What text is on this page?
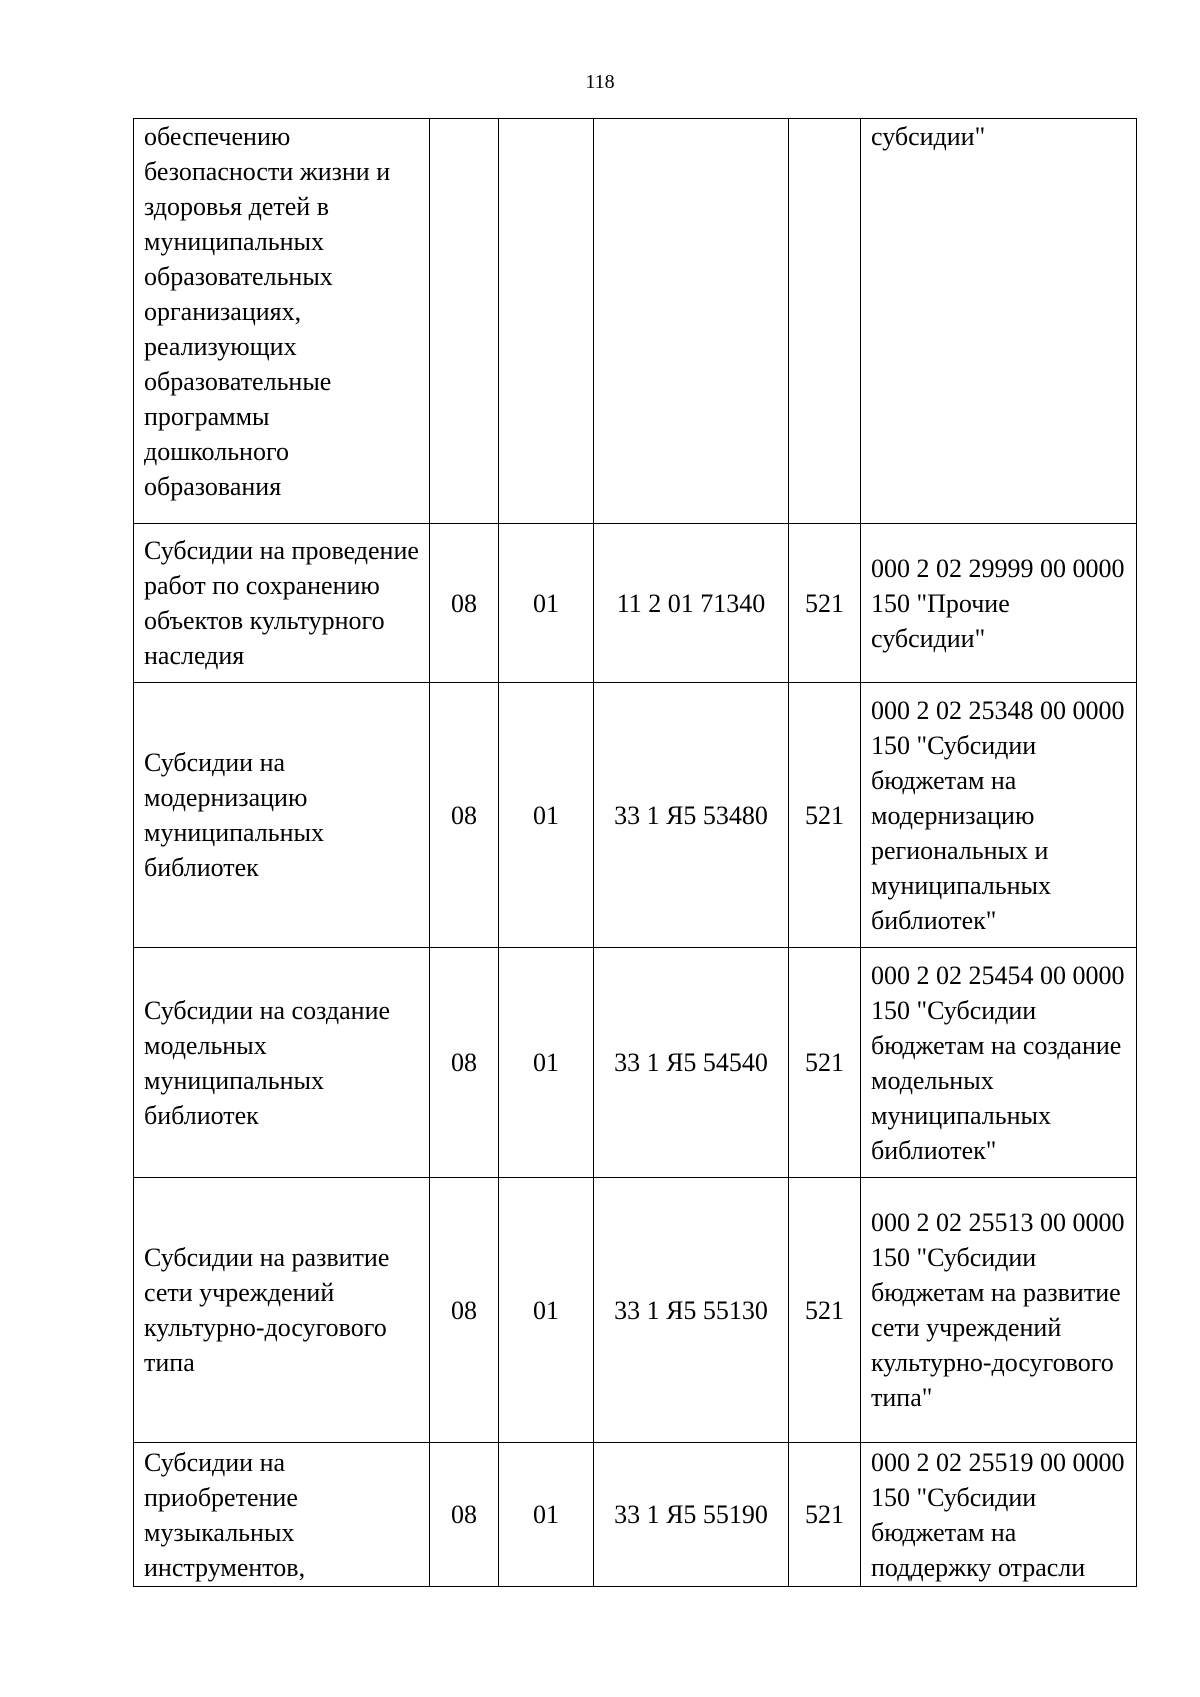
118
обеспечению безопасности жизни и здоровья детей в муниципальных образовательных организациях, реализующих образовательные программы дошкольного образования					субсидии"
Субсидии на проведение работ по сохранению объектов культурного наследия	08	01	11 2 01 71340	521	000 2 02 29999 00 0000 150 "Прочие субсидии"
Субсидии на модернизацию муниципальных библиотек	08	01	33 1 Я5 53480	521	000 2 02 25348 00 0000 150 "Субсидии бюджетам на модернизацию региональных и муниципальных библиотек"
Субсидии на создание модельных муниципальных библиотек	08	01	33 1 Я5 54540	521	000 2 02 25454 00 0000 150 "Субсидии бюджетам на создание модельных муниципальных библиотек"
Субсидии на развитие сети учреждений культурно-досугового типа	08	01	33 1 Я5 55130	521	000 2 02 25513 00 0000 150 "Субсидии бюджетам на развитие сети учреждений культурно-досугового типа"
Субсидии на приобретение музыкальных инструментов,	08	01	33 1 Я5 55190	521	000 2 02 25519 00 0000 150 "Субсидии бюджетам на поддержку отрасли
